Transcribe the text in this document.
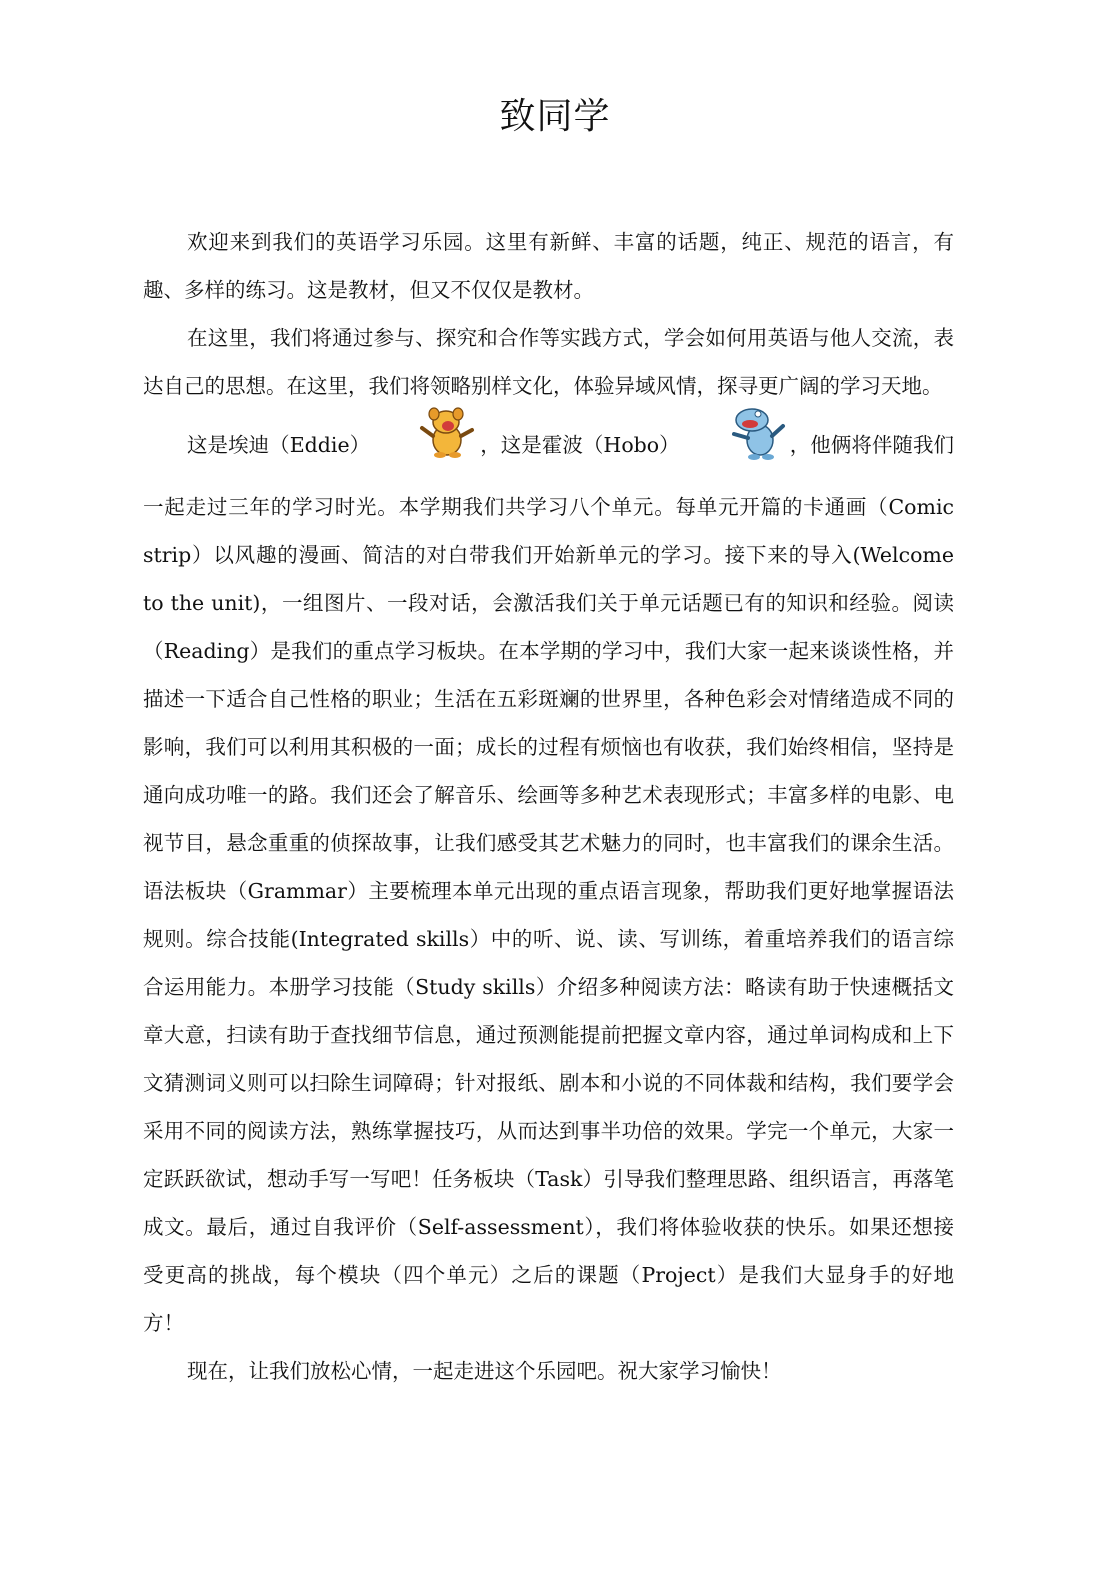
致同学

欢迎来到我们的英语学习乐园。这里有新鲜、丰富的话题，纯正、规范的语言，有趣、多样的练习。这是教材，但又不仅仅是教材。

在这里，我们将通过参与、探究和合作等实践方式，学会如何用英语与他人交流，表达自己的思想。在这里，我们将领略别样文化，体验异域风情，探寻更广阔的学习天地。

这是埃迪（Eddie）	，这是霍波（Hobo）	，他俩将伴随我们一起走过三年的学习时光。本学期我们共学习八个单元。每单元开篇的卡通画（Comic strip）以风趣的漫画、简洁的对白带我们开始新单元的学习。接下来的导入(Welcome to the unit)，一组图片、一段对话，会激活我们关于单元话题已有的知识和经验。阅读（Reading）是我们的重点学习板块。在本学期的学习中，我们大家一起来谈谈性格，并描述一下适合自己性格的职业；生活在五彩斑斓的世界里，各种色彩会对情绪造成不同的影响，我们可以利用其积极的一面；成长的过程有烦恼也有收获，我们始终相信，坚持是通向成功唯一的路。我们还会了解音乐、绘画等多种艺术表现形式；丰富多样的电影、电视节目，悬念重重的侦探故事，让我们感受其艺术魅力的同时，也丰富我们的课余生活。语法板块（Grammar）主要梳理本单元出现的重点语言现象，帮助我们更好地掌握语法规则。综合技能(Integrated skills）中的听、说、读、写训练，着重培养我们的语言综合运用能力。本册学习技能（Study skills）介绍多种阅读方法：略读有助于快速概括文章大意，扫读有助于查找细节信息，通过预测能提前把握文章内容，通过单词构成和上下文猜测词义则可以扫除生词障碍；针对报纸、剧本和小说的不同体裁和结构，我们要学会采用不同的阅读方法，熟练掌握技巧，从而达到事半功倍的效果。学完一个单元，大家一定跃跃欲试，想动手写一写吧！任务板块（Task）引导我们整理思路、组织语言，再落笔成文。最后，通过自我评价（Self-assessment），我们将体验收获的快乐。如果还想接受更高的挑战，每个模块（四个单元）之后的课题（Project）是我们大显身手的好地方！

现在，让我们放松心情，一起走进这个乐园吧。祝大家学习愉快！
